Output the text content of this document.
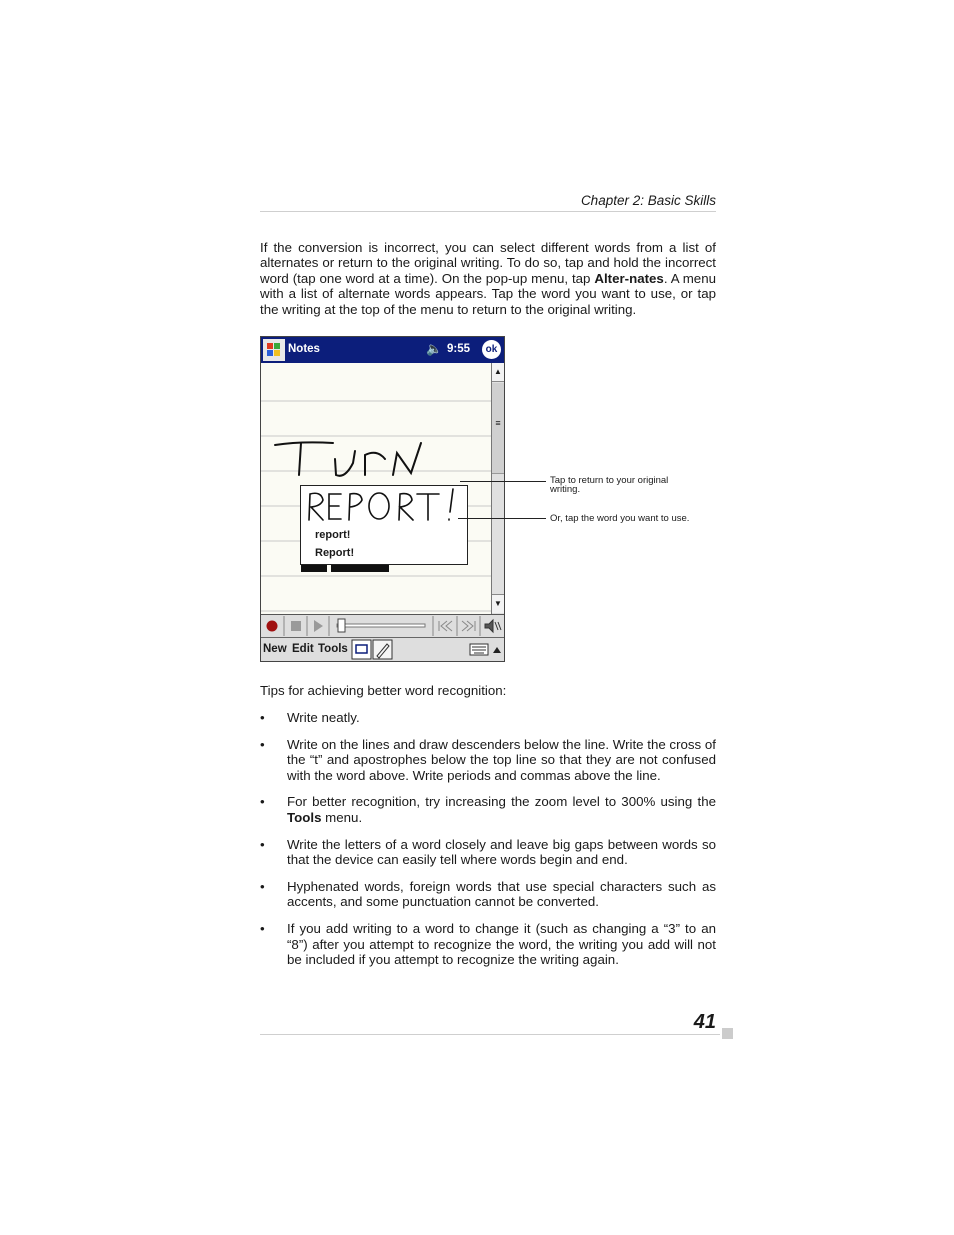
Chapter 2: Basic Skills

If the conversion is incorrect, you can select different words from a list of alternates or return to the original writing. To do so, tap and hold the incorrect word (tap one word at a time). On the pop-up menu, tap Alter-nates. A menu with a list of alternate words appears. Tap the word you want to use, or tap the writing at the top of the menu to return to the original writing.

Notes	🔈 9:55	ok
report!
Report!
▲
≡
▼
New Edit Tools
Tap to return to your original writing.
Or, tap the word you want to use.
Tips for achieving better word recognition:
• Write neatly.
• Write on the lines and draw descenders below the line. Write the cross of the “t” and apostrophes below the top line so that they are not confused with the word above. Write periods and commas above the line.
• For better recognition, try increasing the zoom level to 300% using the Tools menu.
• Write the letters of a word closely and leave big gaps between words so that the device can easily tell where words begin and end.
• Hyphenated words, foreign words that use special characters such as accents, and some punctuation cannot be converted.
• If you add writing to a word to change it (such as changing a “3” to an “8”) after you attempt to recognize the word, the writing you add will not be included if you attempt to recognize the writing again.
41
